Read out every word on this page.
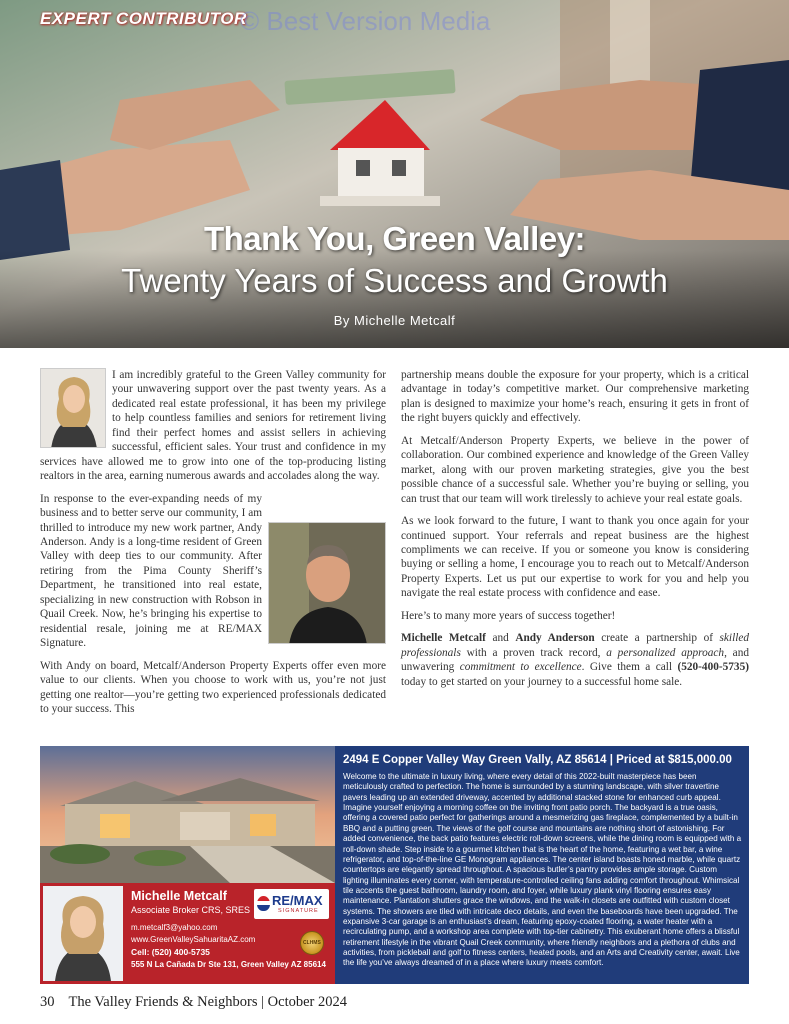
EXPERT CONTRIBUTOR
© Best Version Media
Thank You, Green Valley:
Twenty Years of Success and Growth
By Michelle Metcalf

I am incredibly grateful to the Green Valley community for your unwavering support over the past twenty years. As a dedicated real estate professional, it has been my privilege to help countless families and seniors for retirement living find their perfect homes and assist sellers in achieving successful, efficient sales. Your trust and confidence in my services have allowed me to grow into one of the top-producing listing realtors in the area, earning numerous awards and accolades along the way.

In response to the ever-expanding needs of my business and to better serve our community, I am thrilled to introduce my new work partner, Andy Anderson. Andy is a long-time resident of Green Valley with deep ties to our community. After retiring from the Pima County Sheriff’s Department, he transitioned into real estate, specializing in new construction with Robson in Quail Creek. Now, he’s bringing his expertise to residential resale, joining me at RE/MAX Signature.

With Andy on board, Metcalf/Anderson Property Experts offer even more value to our clients. When you choose to work with us, you’re not just getting one realtor—you’re getting two experienced professionals dedicated to your success. This

partnership means double the exposure for your property, which is a critical advantage in today’s competitive market. Our comprehensive marketing plan is designed to maximize your home’s reach, ensuring it gets in front of the right buyers quickly and effectively.

At Metcalf/Anderson Property Experts, we believe in the power of collaboration. Our combined experience and knowledge of the Green Valley market, along with our proven marketing strategies, give you the best possible chance of a successful sale. Whether you’re buying or selling, you can trust that our team will work tirelessly to achieve your real estate goals.

As we look forward to the future, I want to thank you once again for your continued support. Your referrals and repeat business are the highest compliments we can receive. If you or someone you know is considering buying or selling a home, I encourage you to reach out to Metcalf/Anderson Property Experts. Let us put our expertise to work for you and help you navigate the real estate process with confidence and ease.

Here’s to many more years of success together!

Michelle Metcalf and Andy Anderson create a partnership of skilled professionals with a proven track record, a personalized approach, and unwavering commitment to excellence. Give them a call (520-400-5735) today to get started on your journey to a successful home sale.

Michelle Metcalf
Associate Broker CRS, SRES
m.metcalf3@yahoo.com
www.GreenValleySahuaritaAZ.com
Cell: (520) 400-5735
555 N La Cañada Dr Ste 131, Green Valley AZ 85614
RE/MAX
SIGNATURE
CLHMS
2494 E Copper Valley Way Green Vally, AZ 85614 | Priced at $815,000.00
Welcome to the ultimate in luxury living, where every detail of this 2022-built masterpiece has been meticulously crafted to perfection. The home is surrounded by a stunning landscape, with silver travertine pavers leading up an extended driveway, accented by additional stacked stone for enhanced curb appeal. Imagine yourself enjoying a morning coffee on the inviting front patio porch. The backyard is a true oasis, offering a covered patio perfect for gatherings around a mesmerizing gas fireplace, complemented by a built-in BBQ and a putting green. The views of the golf course and mountains are nothing short of astonishing. For added convenience, the back patio features electric roll-down screens, while the dining room is equipped with a roll-down shade. Step inside to a gourmet kitchen that is the heart of the home, featuring a wet bar, a wine refrigerator, and top-of-the-line GE Monogram appliances. The center island boasts honed marble, while quartz countertops are elegantly spread throughout. A spacious butler’s pantry provides ample storage. Custom lighting illuminates every corner, with temperature-controlled ceiling fans adding comfort throughout. Whimsical tile accents the guest bathroom, laundry room, and foyer, while luxury plank vinyl flooring ensures easy maintenance. Plantation shutters grace the windows, and the walk-in closets are outfitted with custom closet systems. The showers are tiled with intricate deco details, and even the baseboards have been upgraded. The expansive 3-car garage is an enthusiast’s dream, featuring epoxy-coated flooring, a water heater with a recirculating pump, and a workshop area complete with top-tier cabinetry. This exuberant home offers a blissful retirement lifestyle in the vibrant Quail Creek community, where friendly neighbors and a plethora of clubs and activities, from pickleball and golf to fitness centers, heated pools, and an Arts and Creativity center, await. Live the life you’ve always dreamed of in a place where luxury meets comfort.
30 The Valley Friends & Neighbors | October 2024
